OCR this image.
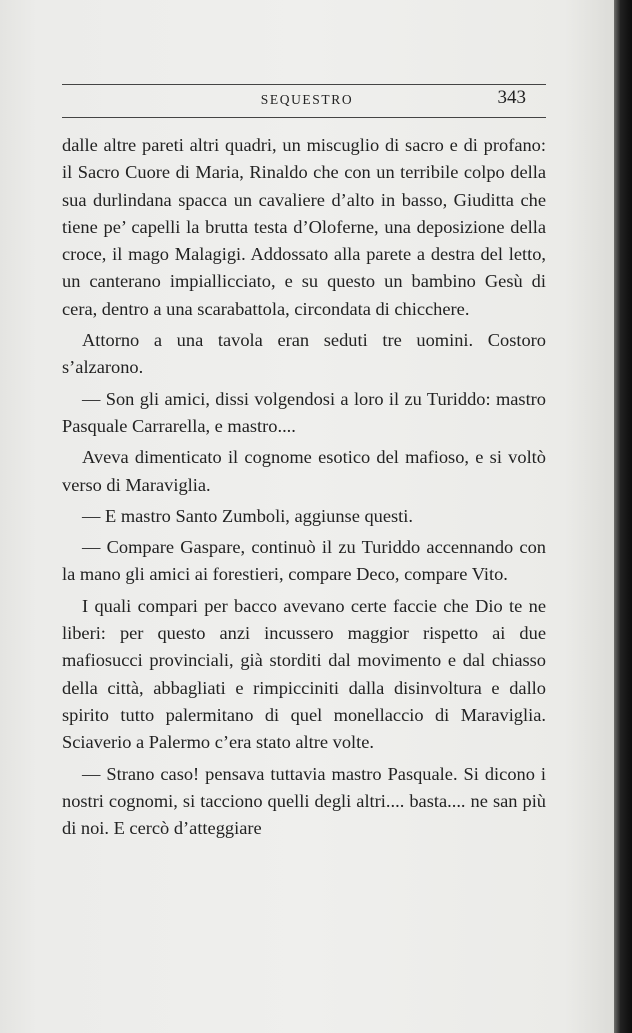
SEQUESTRO	343

dalle altre pareti altri quadri, un miscuglio di sacro e di profano: il Sacro Cuore di Maria, Rinaldo che con un terribile colpo della sua durlindana spacca un cavaliere d’alto in basso, Giuditta che tiene pe’ capelli la brutta testa d’Oloferne, una deposizione della croce, il mago Malagigi. Addossato alla parete a destra del letto, un canterano impiallicciato, e su questo un bambino Gesù di cera, dentro a una scarabattola, circondata di chicchere.

Attorno a una tavola eran seduti tre uomini. Costoro s’alzarono.

— Son gli amici, dissi volgendosi a loro il zu Turiddo: mastro Pasquale Carrarella, e mastro....

Aveva dimenticato il cognome esotico del mafioso, e si voltò verso di Maraviglia.

— E mastro Santo Zumboli, aggiunse questi.

— Compare Gaspare, continuò il zu Turiddo accennando con la mano gli amici ai forestieri, compare Deco, compare Vito.

I quali compari per bacco avevano certe faccie che Dio te ne liberi: per questo anzi incussero maggior rispetto ai due mafiosucci provinciali, già storditi dal movimento e dal chiasso della città, abbagliati e rimpicciniti dalla disinvoltura e dallo spirito tutto palermitano di quel monellaccio di Maraviglia. Sciaverio a Palermo c’era stato altre volte.

— Strano caso! pensava tuttavia mastro Pasquale. Si dicono i nostri cognomi, si tacciono quelli degli altri.... basta.... ne san più di noi. E cercò d’atteggiare
